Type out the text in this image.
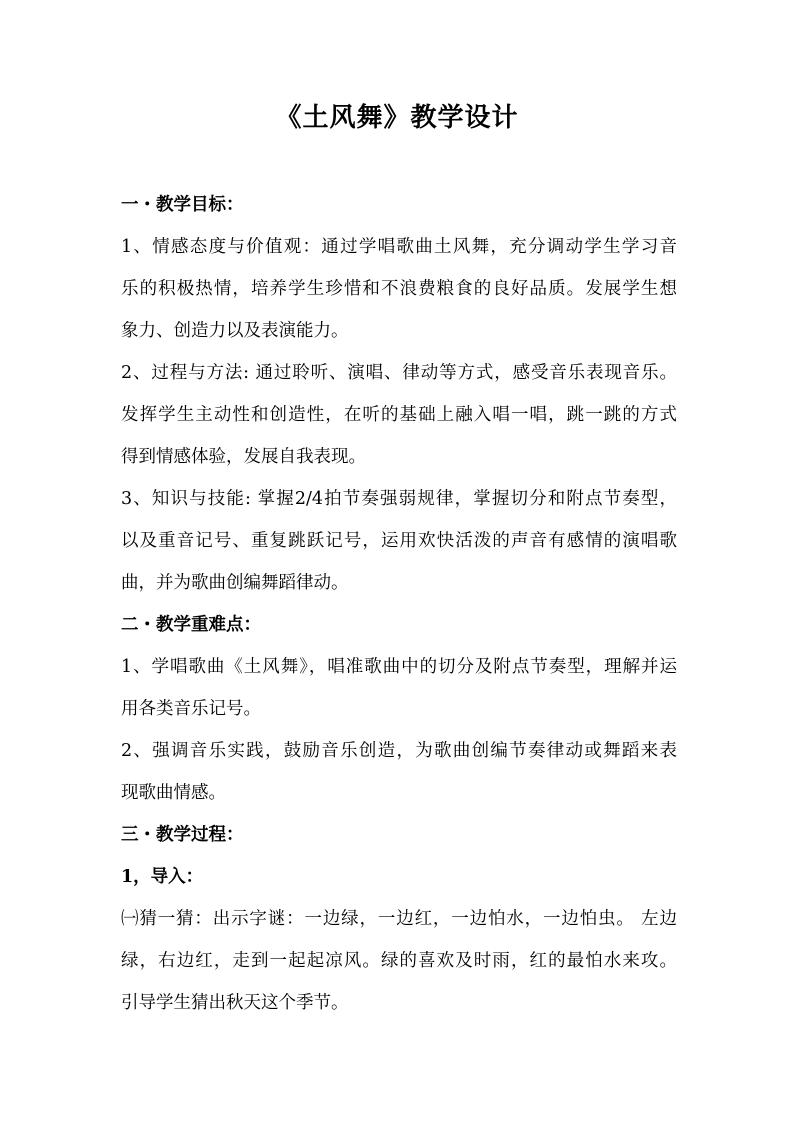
《土风舞》教学设计
一・教学目标：
1、情感态度与价值观：通过学唱歌曲土风舞，充分调动学生学习音
乐的积极热情，培养学生珍惜和不浪费粮食的良好品质。发展学生想
象力、创造力以及表演能力。
2、过程与方法: 通过聆听、演唱、律动等方式，感受音乐表现音乐。
发挥学生主动性和创造性，在听的基础上融入唱一唱，跳一跳的方式
得到情感体验，发展自我表现。
3、知识与技能: 掌握2/4拍节奏强弱规律，掌握切分和附点节奏型，
以及重音记号、重复跳跃记号，运用欢快活泼的声音有感情的演唱歌
曲，并为歌曲创编舞蹈律动。
二・教学重难点：
1、学唱歌曲《土风舞》，唱准歌曲中的切分及附点节奏型，理解并运
用各类音乐记号。
2、强调音乐实践，鼓励音乐创造，为歌曲创编节奏律动或舞蹈来表
现歌曲情感。
三・教学过程：
1，导入：
㈠猜一猜：出示字谜：一边绿，一边红，一边怕水，一边怕虫。 左边
绿，右边红，走到一起起凉风。绿的喜欢及时雨，红的最怕水来攻。
引导学生猜出秋天这个季节。
